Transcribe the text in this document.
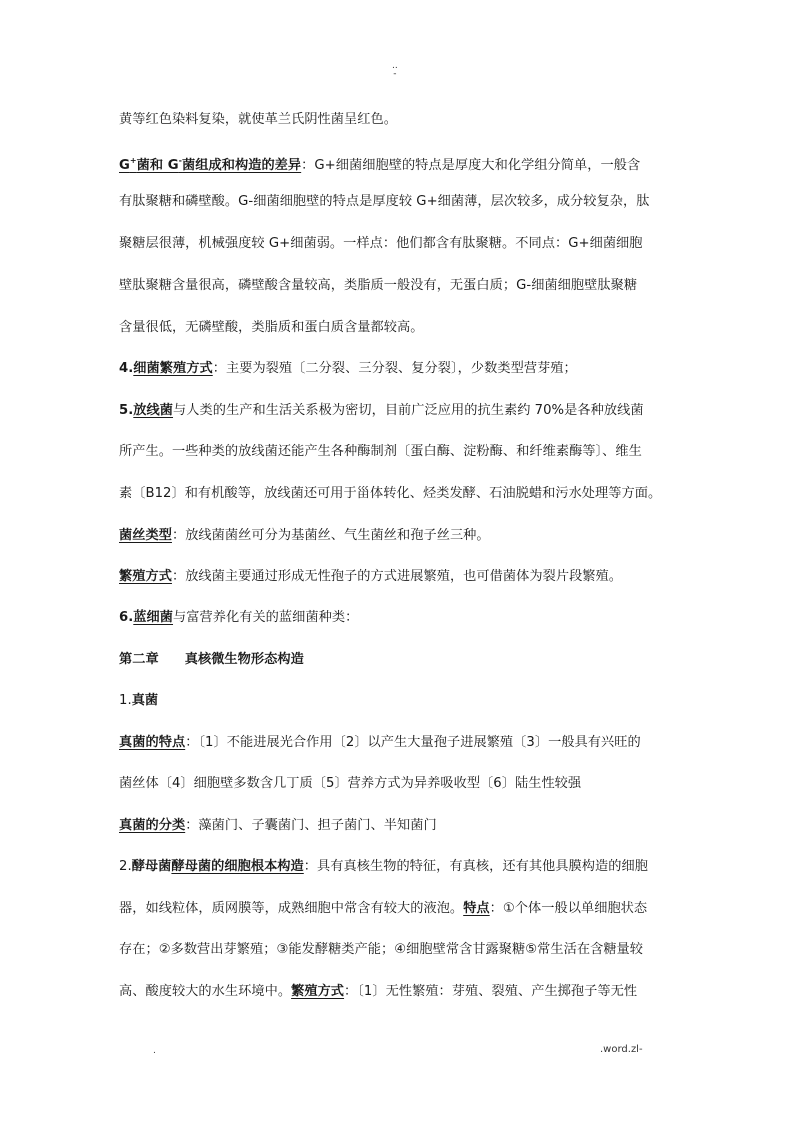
..
-
黄等红色染料复染，就使革兰氏阴性菌呈红色。
G+菌和 G-菌组成和构造的差异：G+细菌细胞壁的特点是厚度大和化学组分简单，一般含
有肽聚糖和磷壁酸。G-细菌细胞壁的特点是厚度较 G+细菌薄，层次较多，成分较复杂，肽
聚糖层很薄，机械强度较 G+细菌弱。一样点：他们都含有肽聚糖。不同点：G+细菌细胞
壁肽聚糖含量很高，磷壁酸含量较高，类脂质一般没有，无蛋白质；G-细菌细胞壁肽聚糖
含量很低，无磷壁酸，类脂质和蛋白质含量都较高。
4.细菌繁殖方式：主要为裂殖〔二分裂、三分裂、复分裂〕，少数类型营芽殖；
5.放线菌与人类的生产和生活关系极为密切，目前广泛应用的抗生素约 70%是各种放线菌
所产生。一些种类的放线菌还能产生各种酶制剂〔蛋白酶、淀粉酶、和纤维素酶等〕、维生
素〔B12〕和有机酸等，放线菌还可用于甾体转化、烃类发酵、石油脱蜡和污水处理等方面。
菌丝类型：放线菌菌丝可分为基菌丝、气生菌丝和孢子丝三种。
繁殖方式：放线菌主要通过形成无性孢子的方式进展繁殖，也可借菌体为裂片段繁殖。
6.蓝细菌与富营养化有关的蓝细菌种类：
第二章 真核微生物形态构造
1.真菌
真菌的特点：〔1〕不能进展光合作用〔2〕以产生大量孢子进展繁殖〔3〕一般具有兴旺的
菌丝体〔4〕细胞壁多数含几丁质〔5〕营养方式为异养吸收型〔6〕陆生性较强
真菌的分类：藻菌门、子囊菌门、担子菌门、半知菌门
2.酵母菌酵母菌的细胞根本构造：具有真核生物的特征，有真核，还有其他具膜构造的细胞
器，如线粒体，质网膜等，成熟细胞中常含有较大的液泡。特点：①个体一般以单细胞状态
存在；②多数营出芽繁殖；③能发酵糖类产能；④细胞壁常含甘露聚糖⑤常生活在含糖量较
高、酸度较大的水生环境中。繁殖方式：〔1〕无性繁殖：芽殖、裂殖、产生掷孢子等无性
.	.word.zl-
